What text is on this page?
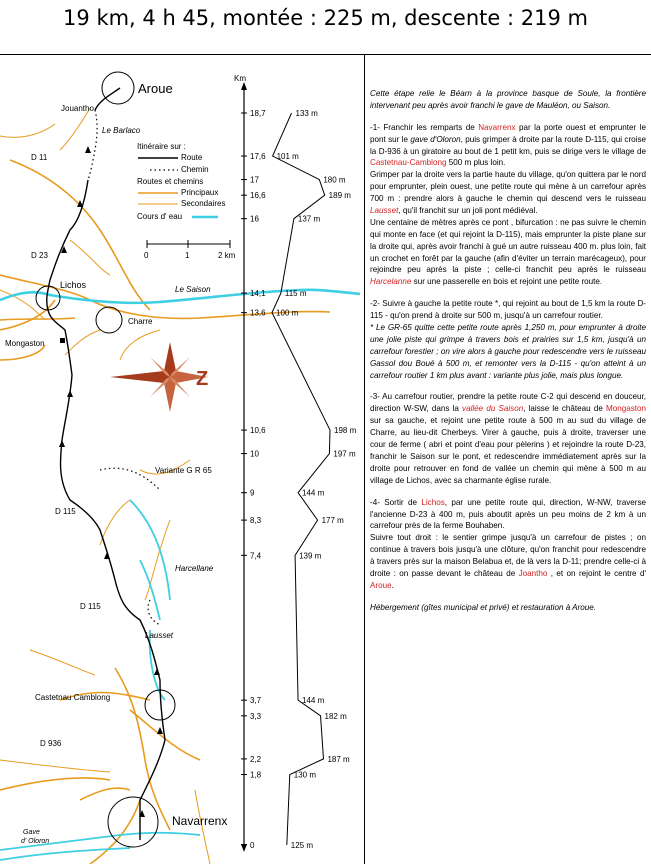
19 km, 4 h 45, montée : 225 m, descente : 219 m
Aroue
Jouantho
Le Barlaco
Lichos	Le Saison
Charre
Mongaston
Variante G R 65
Harcellane
Lausset
Castetnau Camblong
Navarrenx
Gave
d' Oloron
D 11
D 23
D 115
D 115
D 936
Itinéraire sur :
Route
Chemin
Routes et chemins
Principaux
Secondaires
Cours d' eau
0	1	2 km
Z
Km
18,7
17,6
17
16,6
16
14,1
13,6
10,6
10
9
8,3
7,4
3,7
3,3
2,2
1,8
0
133 m
101 m
180 m
189 m
137 m
115 m
100 m
198 m
197 m
144 m
177 m
139 m
144 m
182 m
187 m
130 m
125 m

Cette étape relie le Béarn à la province basque de Soule, la frontière intervenant peu après avoir franchi le gave de Mauléon, ou Saison.

-1- Franchir les remparts de Navarrenx par la porte ouest et emprunter le pont sur le gave d'Oloron, puis grimper à droite par la route D-115, qui croise la D-936 à un giratoire au bout de 1 petit km, puis se dirige vers le village de Castetnau-Camblong 500 m plus loin.

Grimper par la droite vers la partie haute du village, qu'on quittera par le nord pour emprunter, plein ouest, une petite route qui mène à un carrefour après 700 m : prendre alors à gauche le chemin qui descend vers le ruisseau Lausset, qu'il franchit sur un joli pont médiéval.

Une centaine de mètres après ce pont , bifurcation : ne pas suivre le chemin qui monte en face (et qui rejoint la D-115), mais emprunter la piste plane sur la droite qui, après avoir franchi à gué un autre ruisseau 400 m. plus loin, fait un crochet en forêt par la gauche (afin d'éviter un terrain marécageux), pour rejoindre peu après la piste ; celle-ci franchit peu après le ruisseau Harcelanne sur une passerelle en bois et rejoint une petite route.

-2- Suivre à gauche la petite route *, qui rejoint au bout de 1,5 km la route D-115 - qu'on prend à droite sur 500 m, jusqu'à un carrefour routier.

* Le GR-65 quitte cette petite route après 1,250 m, pour emprunter à droite une jolie piste qui grimpe à travers bois et prairies sur 1,5 km, jusqu'à un carrefour forestier ; on vire alors à gauche pour redescendre vers le ruisseau Gassol dou Boué à 500 m, et remonter vers la D-115 - qu'on atteint à un carrefour routier 1 km plus avant : variante plus jolie, mais plus longue.

-3- Au carrefour routier, prendre la petite route C-2 qui descend en douceur, direction W-SW, dans la vallée du Saison, laisse le château de Mongaston sur sa gauche, et rejoint une petite route à 500 m au sud du village de Charre, au lieu-dit Cherbeys. Virer à gauche, puis à droite, traverser une cour de ferme ( abri et point d'eau pour pèlerins ) et rejoindre la route D-23, franchir le Saison sur le pont, et redescendre immédiatement après sur la droite pour retrouver en fond de vallée un chemin qui mène à 500 m au village de Lichos, avec sa charmante église rurale.

-4- Sortir de Lichos, par une petite route qui, direction, W-NW, traverse l'ancienne D-23 à 400 m, puis aboutit après un peu moins de 2 km à un carrefour près de la ferme Bouhaben.

Suivre tout droit : le sentier grimpe jusqu'à un carrefour de pistes ; on continue à travers bois jusqu'à une clôture, qu'on franchit pour redescendre à travers près sur la maison Belabua et, de là vers la D-11; prendre celle-ci à droite : on passe devant le château de Joantho , et on rejoint le centre d' Aroue.

Hébergement (gîtes municipal et privé) et restauration à Aroue.
